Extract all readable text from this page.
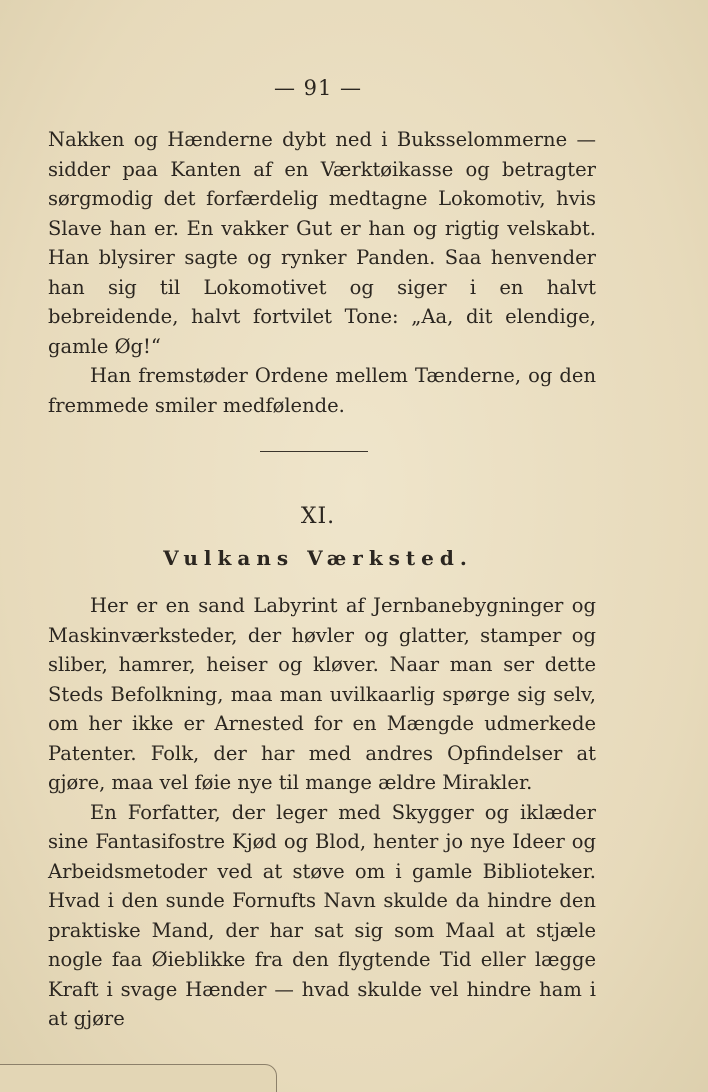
— 91 —

Nakken og Hænderne dybt ned i Buksselommerne — sidder paa Kanten af en Værktøikasse og betragter sørgmodig det forfærdelig medtagne Lokomotiv, hvis Slave han er. En vakker Gut er han og rigtig velskabt. Han blysirer sagte og rynker Panden. Saa henvender han sig til Lokomotivet og siger i en halvt bebreidende, halvt fortvilet Tone: „Aa, dit elendige, gamle Øg!“

Han fremstøder Ordene mellem Tænderne, og den fremmede smiler medfølende.

XI.
Vulkans Værksted.

Her er en sand Labyrint af Jernbanebygninger og Maskinværksteder, der høvler og glatter, stamper og sliber, hamrer, heiser og kløver. Naar man ser dette Steds Befolkning, maa man uvilkaarlig spørge sig selv, om her ikke er Arnested for en Mængde udmerkede Patenter. Folk, der har med andres Opfindelser at gjøre, maa vel føie nye til mange ældre Mirakler.

En Forfatter, der leger med Skygger og iklæder sine Fantasifostre Kjød og Blod, henter jo nye Ideer og Arbeidsmetoder ved at støve om i gamle Biblioteker. Hvad i den sunde Fornufts Navn skulde da hindre den praktiske Mand, der har sat sig som Maal at stjæle nogle faa Øieblikke fra den flygtende Tid eller lægge Kraft i svage Hænder — hvad skulde vel hindre ham i at gjøre
